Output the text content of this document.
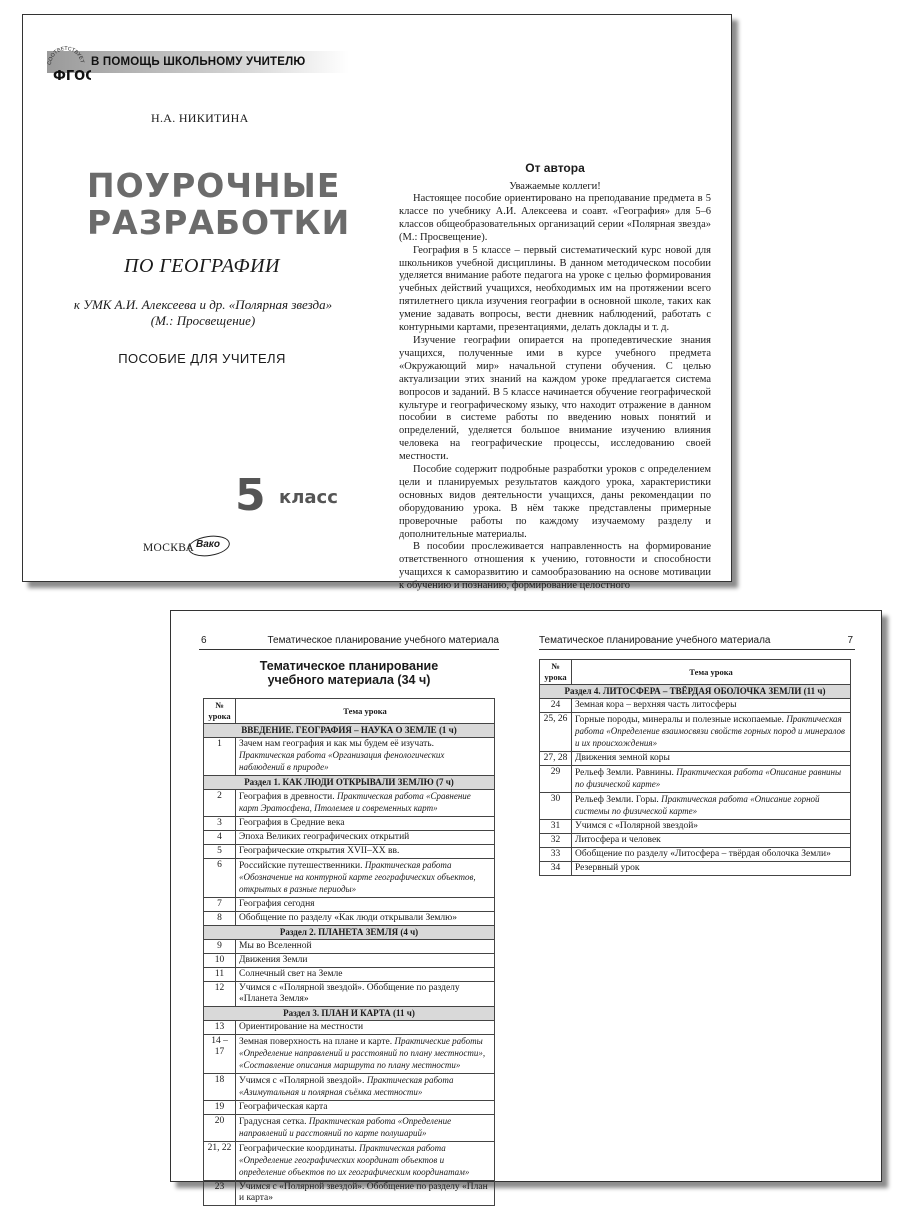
СООТВЕТСТВУЕТ
ФГОС
В ПОМОЩЬ ШКОЛЬНОМУ УЧИТЕЛЮ
Н.А. НИКИТИНА
ПОУРОЧНЫЕ
РАЗРАБОТКИ
ПО ГЕОГРАФИИ
к УМК А.И. Алексеева и др. «Полярная звезда»
(М.: Просвещение)
ПОСОБИЕ ДЛЯ УЧИТЕЛЯ
5 класс
МОСКВА Вако
От автора
Уважаемые коллеги!

Настоящее пособие ориентировано на преподавание предмета в 5 классе по учебнику А.И. Алексеева и соавт. «География» для 5–6 классов общеобразовательных организаций серии «Полярная звезда» (М.: Просвещение).

География в 5 классе – первый систематический курс новой для школьников учебной дисциплины. В данном методическом пособии уделяется внимание работе педагога на уроке с целью формирования учебных действий учащихся, необходимых им на протяжении всего пятилетнего цикла изучения географии в основной школе, таких как умение задавать вопросы, вести дневник наблюдений, работать с контурными картами, презентациями, делать доклады и т. д.

Изучение географии опирается на пропедевтические знания учащихся, полученные ими в курсе учебного предмета «Окружающий мир» начальной ступени обучения. С целью актуализации этих знаний на каждом уроке предлагается система вопросов и заданий. В 5 классе начинается обучение географической культуре и географическому языку, что находит отражение в данном пособии в системе работы по введению новых понятий и определений, уделяется большое внимание изучению влияния человека на географические процессы, исследованию своей местности.

Пособие содержит подробные разработки уроков с определением цели и планируемых результатов каждого урока, характеристики основных видов деятельности учащихся, даны рекомендации по оборудованию урока. В нём также представлены примерные проверочные работы по каждому изучаемому разделу и дополнительные материалы.

В пособии прослеживается направленность на формирование ответственного отношения к учению, готовности и способности учащихся к саморазвитию и самообразованию на основе мотивации к обучению и познанию, формирование целостного

6	Тематическое планирование учебного материала
Тематическое планирование
учебного материала (34 ч)
№ урока	Тема урока
ВВЕДЕНИЕ. ГЕОГРАФИЯ – НАУКА О ЗЕМЛЕ (1 ч)	
1	Зачем нам география и как мы будем её изучать. Практическая работа «Организация фенологических наблюдений в природе»
Раздел 1. КАК ЛЮДИ ОТКРЫВАЛИ ЗЕМЛЮ (7 ч)	
2	География в древности. Практическая работа «Сравнение карт Эратосфена, Птолемея и современных карт»
3	География в Средние века
4	Эпоха Великих географических открытий
5	Географические открытия XVII–XX вв.
6	Российские путешественники. Практическая работа «Обозначение на контурной карте географических объектов, открытых в разные периоды»
7	География сегодня
8	Обобщение по разделу «Как люди открывали Землю»
Раздел 2. ПЛАНЕТА ЗЕМЛЯ (4 ч)	
9	Мы во Вселенной
10	Движения Земли
11	Солнечный свет на Земле
12	Учимся с «Полярной звездой». Обобщение по разделу «Планета Земля»
Раздел 3. ПЛАН И КАРТА (11 ч)	
13	Ориентирование на местности
14 – 17	Земная поверхность на плане и карте. Практические работы «Определение направлений и расстояний по плану местности», «Составление описания маршрута по плану местности»
18	Учимся с «Полярной звездой». Практическая работа «Азимутальная и полярная съёмка местности»
19	Географическая карта
20	Градусная сетка. Практическая работа «Определение направлений и расстояний по карте полушарий»
21, 22	Географические координаты. Практическая работа «Определение географических координат объектов и определение объектов по их географическим координатам»
23	Учимся с «Полярной звездой». Обобщение по разделу «План и карта»
Тематическое планирование учебного материала	7
№ урока	Тема урока
Раздел 4. ЛИТОСФЕРА – ТВЁРДАЯ ОБОЛОЧКА ЗЕМЛИ (11 ч)	
24	Земная кора – верхняя часть литосферы
25, 26	Горные породы, минералы и полезные ископаемые. Практическая работа «Определение взаимосвязи свойств горных пород и минералов и их происхождения»
27, 28	Движения земной коры
29	Рельеф Земли. Равнины. Практическая работа «Описание равнины по физической карте»
30	Рельеф Земли. Горы. Практическая работа «Описание горной системы по физической карте»
31	Учимся с «Полярной звездой»
32	Литосфера и человек
33	Обобщение по разделу «Литосфера – твёрдая оболочка Земли»
34	Резервный урок
